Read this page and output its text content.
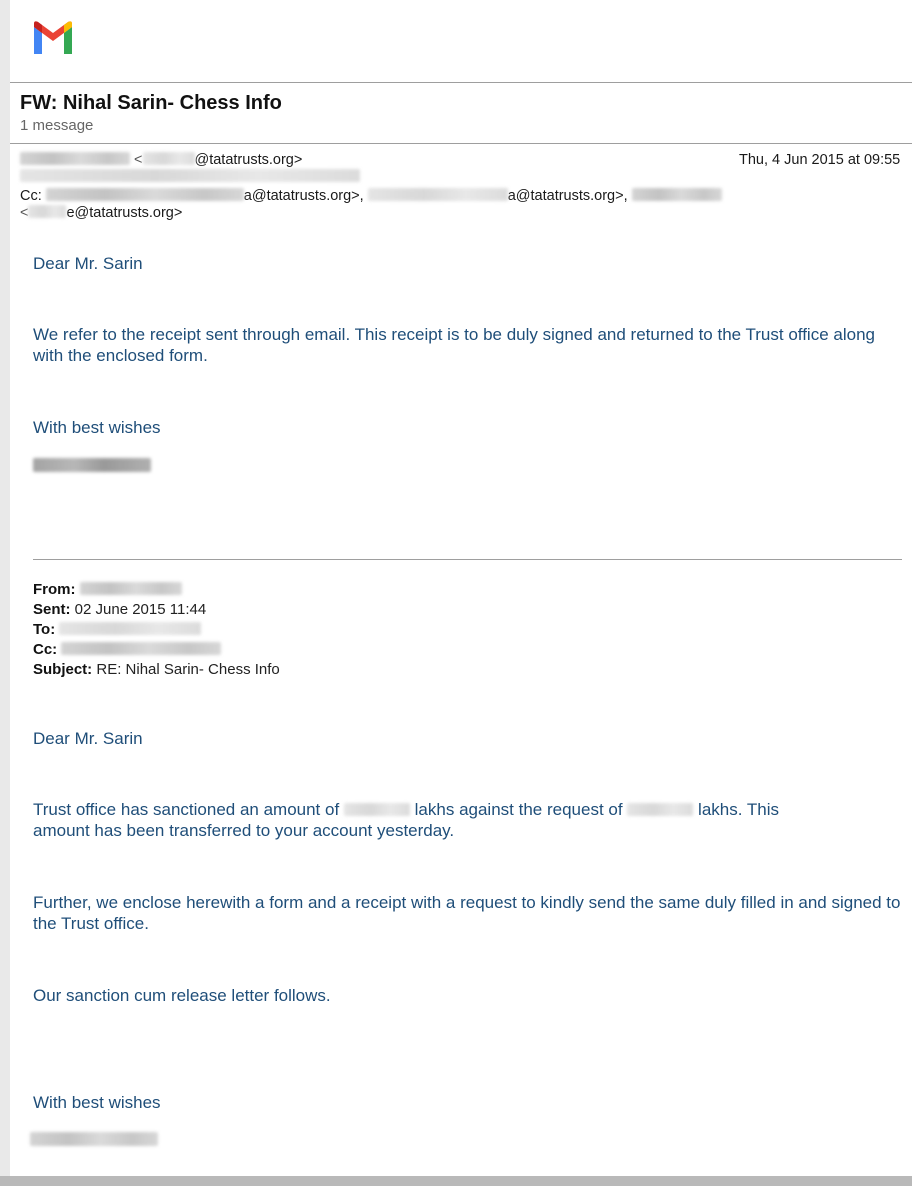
FW: Nihal Sarin- Chess Info
1 message
<	@tatatrusts.org>	Thu, 4 Jun 2015 at 09:55
Cc:	a@tatatrusts.org>,	a@tatatrusts.org>,
<	e@tatatrusts.org>
Dear Mr. Sarin
We refer to the receipt sent through email. This receipt is to be duly signed and returned to the Trust office along with the enclosed form.
With best wishes
From:
Sent: 02 June 2015 11:44
To:
Cc:
Subject: RE: Nihal Sarin- Chess Info
Dear Mr. Sarin
Trust office has sanctioned an amount of	lakhs against the request of	lakhs. This
amount has been transferred to your account yesterday.
Further, we enclose herewith a form and a receipt with a request to kindly send the same duly filled in and signed to the Trust office.
Our sanction cum release letter follows.
With best wishes
